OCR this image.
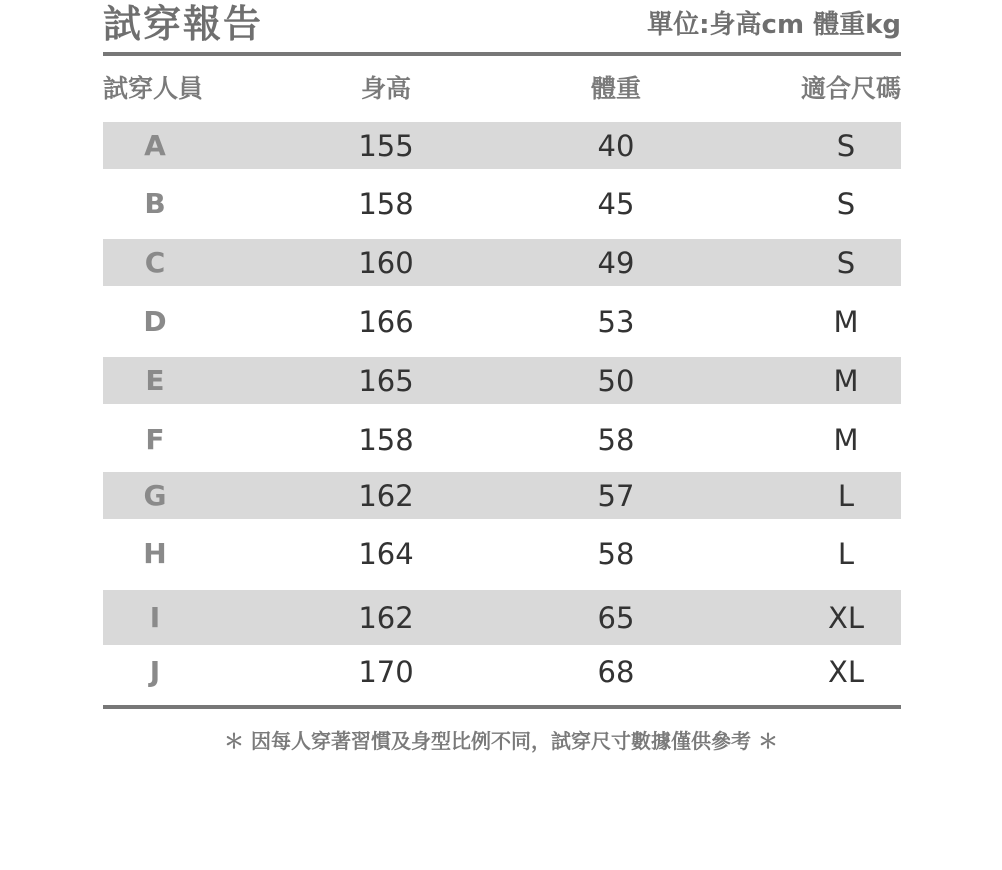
試穿報告	單位:身高cm 體重kg
試穿人員	身高	體重	適合尺碼
A	155	40	S
B	158	45	S
C	160	49	S
D	166	53	M
E	165	50	M
F	158	58	M
G	162	57	L
H	164	58	L
I	162	65	XL
J	170	68	XL
＊ 因每人穿著習慣及身型比例不同，試穿尺寸數據僅供參考 ＊
